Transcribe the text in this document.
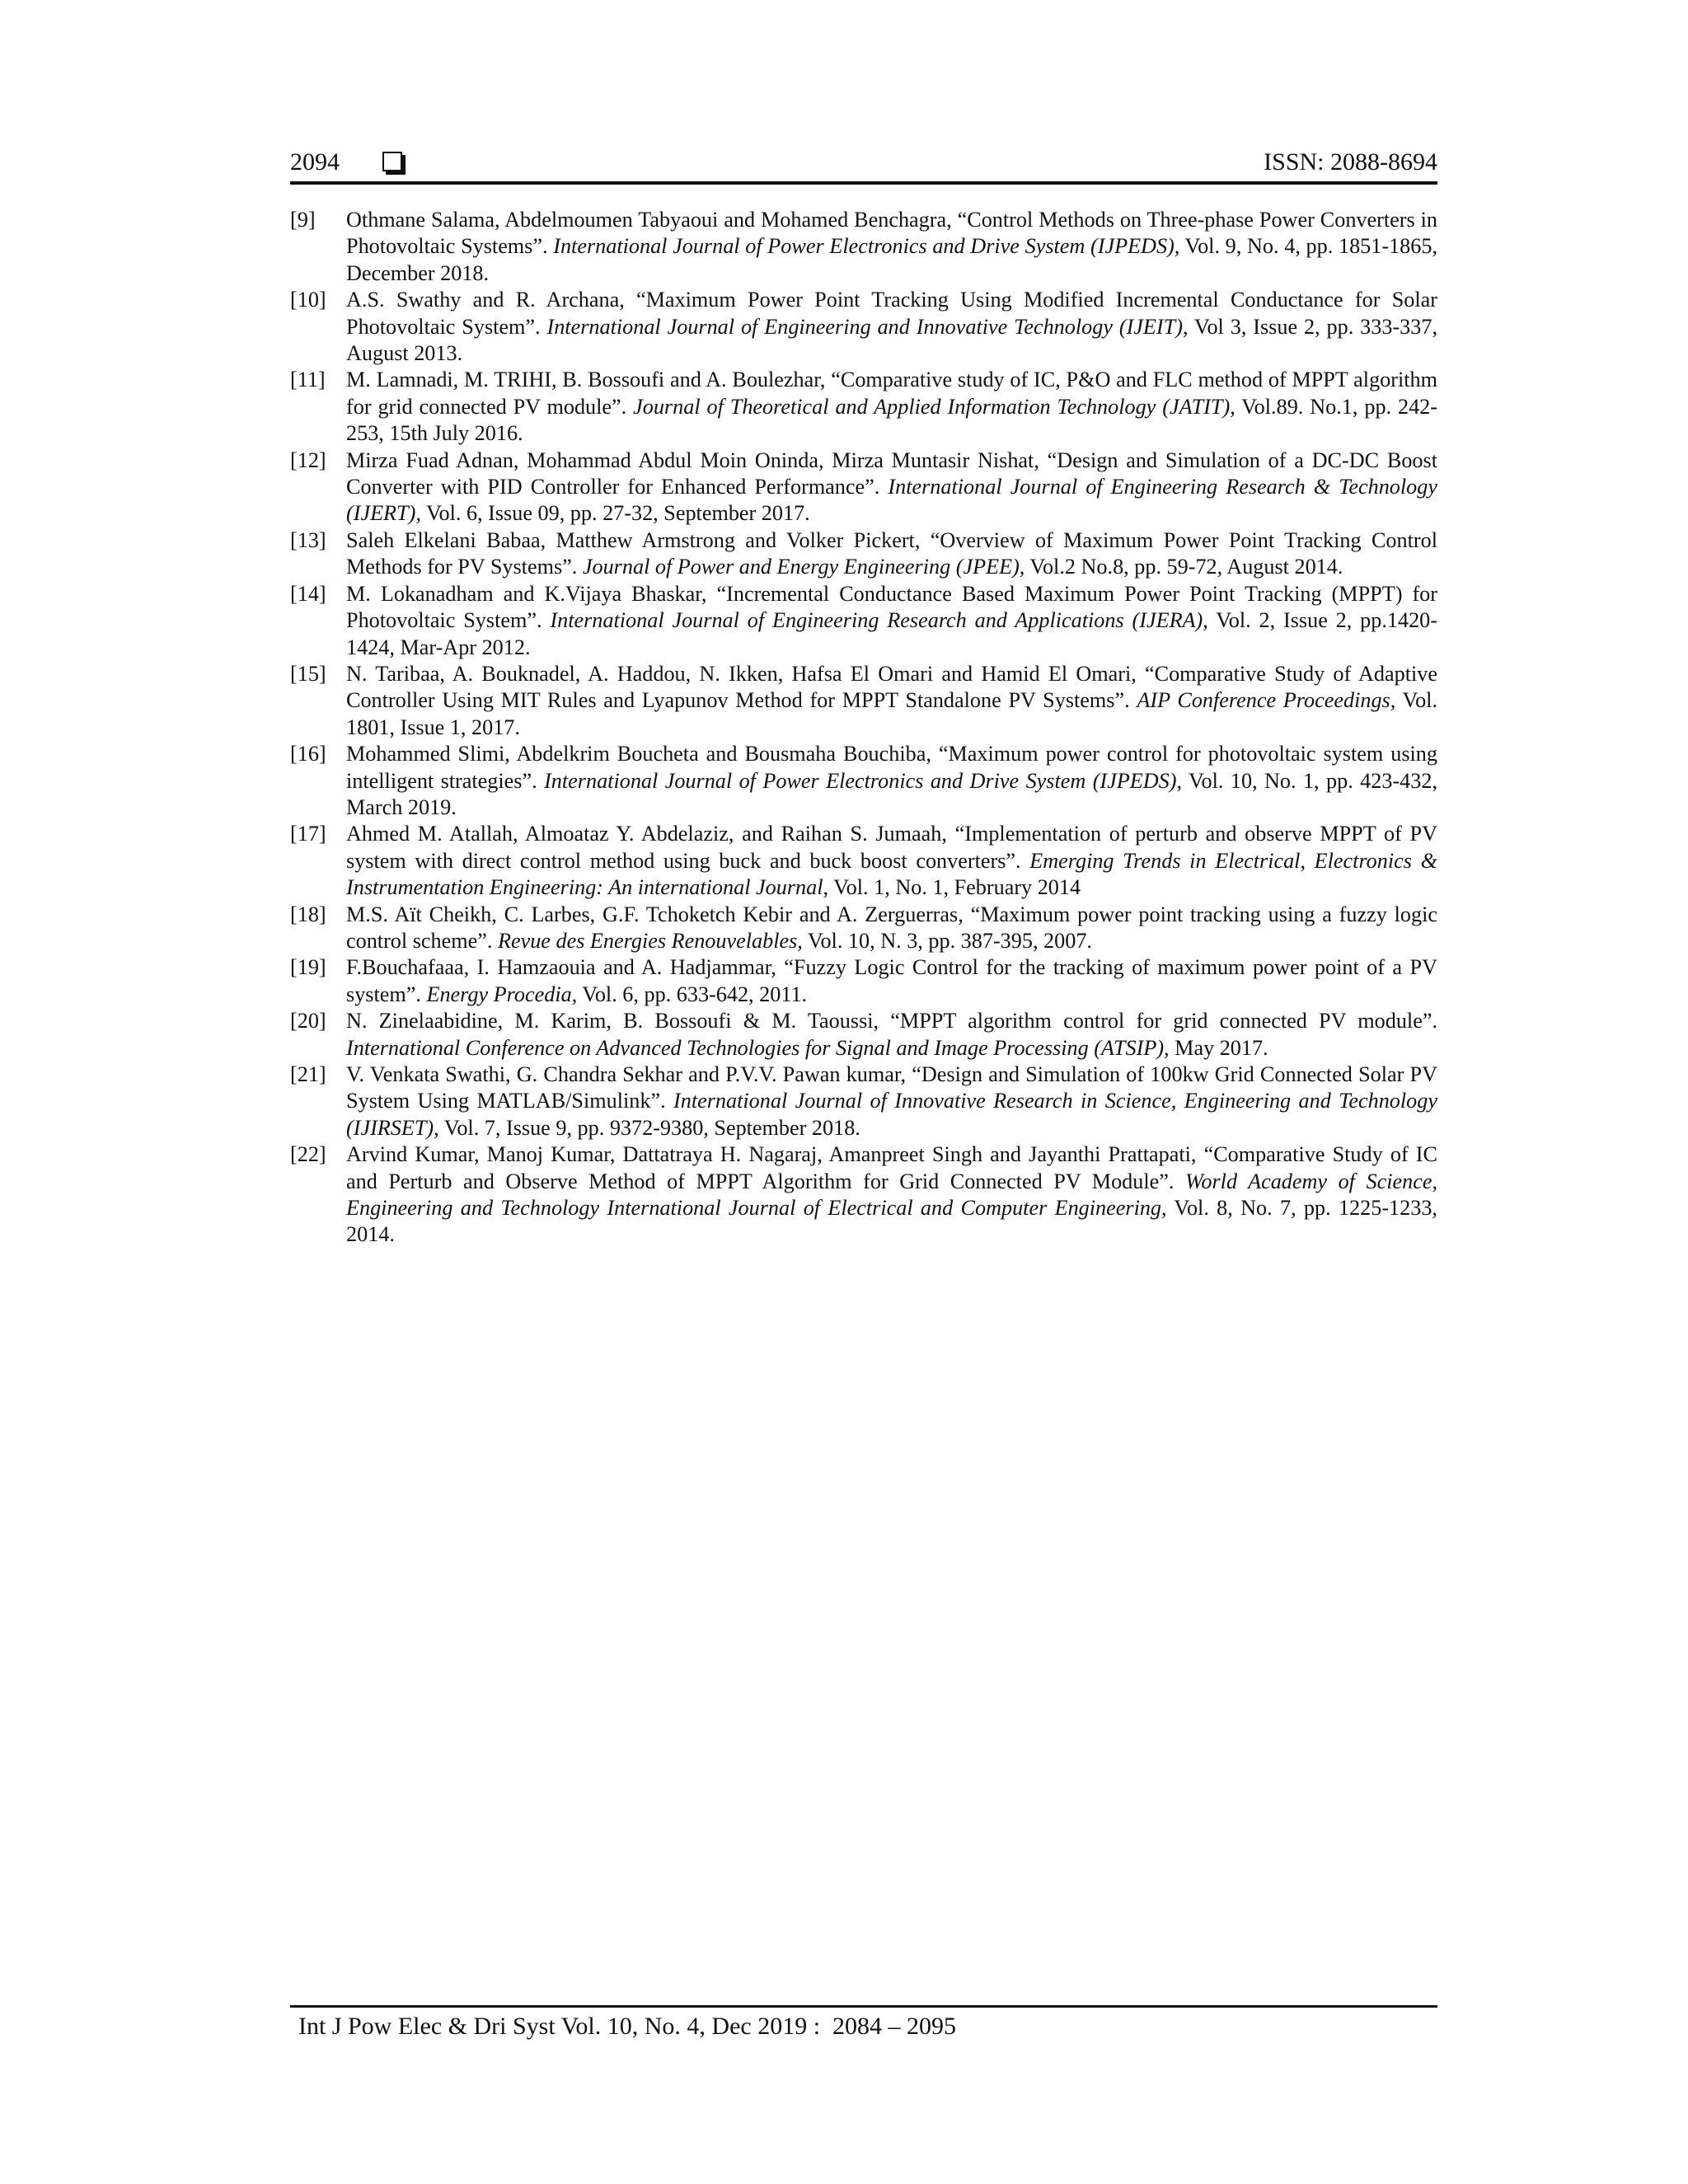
2094	ISSN: 2088-8694
[9] Othmane Salama, Abdelmoumen Tabyaoui and Mohamed Benchagra, “Control Methods on Three-phase Power Converters in Photovoltaic Systems”. International Journal of Power Electronics and Drive System (IJPEDS), Vol. 9, No. 4, pp. 1851-1865, December 2018.
[10] A.S. Swathy and R. Archana, “Maximum Power Point Tracking Using Modified Incremental Conductance for Solar Photovoltaic System”. International Journal of Engineering and Innovative Technology (IJEIT), Vol 3, Issue 2, pp. 333-337, August 2013.
[11] M. Lamnadi, M. TRIHI, B. Bossoufi and A. Boulezhar, “Comparative study of IC, P&O and FLC method of MPPT algorithm for grid connected PV module”. Journal of Theoretical and Applied Information Technology (JATIT), Vol.89. No.1, pp. 242-253, 15th July 2016.
[12] Mirza Fuad Adnan, Mohammad Abdul Moin Oninda, Mirza Muntasir Nishat, “Design and Simulation of a DC-DC Boost Converter with PID Controller for Enhanced Performance”. International Journal of Engineering Research & Technology (IJERT), Vol. 6, Issue 09, pp. 27-32, September 2017.
[13] Saleh Elkelani Babaa, Matthew Armstrong and Volker Pickert, “Overview of Maximum Power Point Tracking Control Methods for PV Systems”. Journal of Power and Energy Engineering (JPEE), Vol.2 No.8, pp. 59-72, August 2014.
[14] M. Lokanadham and K.Vijaya Bhaskar, “Incremental Conductance Based Maximum Power Point Tracking (MPPT) for Photovoltaic System”. International Journal of Engineering Research and Applications (IJERA), Vol. 2, Issue 2, pp.1420-1424, Mar-Apr 2012.
[15] N. Taribaa, A. Bouknadel, A. Haddou, N. Ikken, Hafsa El Omari and Hamid El Omari, “Comparative Study of Adaptive Controller Using MIT Rules and Lyapunov Method for MPPT Standalone PV Systems”. AIP Conference Proceedings, Vol. 1801, Issue 1, 2017.
[16] Mohammed Slimi, Abdelkrim Boucheta and Bousmaha Bouchiba, “Maximum power control for photovoltaic system using intelligent strategies”. International Journal of Power Electronics and Drive System (IJPEDS), Vol. 10, No. 1, pp. 423-432, March 2019.
[17] Ahmed M. Atallah, Almoataz Y. Abdelaziz, and Raihan S. Jumaah, “Implementation of perturb and observe MPPT of PV system with direct control method using buck and buck boost converters”. Emerging Trends in Electrical, Electronics & Instrumentation Engineering: An international Journal, Vol. 1, No. 1, February 2014
[18] M.S. Aït Cheikh, C. Larbes, G.F. Tchoketch Kebir and A. Zerguerras, “Maximum power point tracking using a fuzzy logic control scheme”. Revue des Energies Renouvelables, Vol. 10, N. 3, pp. 387-395, 2007.
[19] F.Bouchafaaa, I. Hamzaouia and A. Hadjammar, “Fuzzy Logic Control for the tracking of maximum power point of a PV system”. Energy Procedia, Vol. 6, pp. 633-642, 2011.
[20] N. Zinelaabidine, M. Karim, B. Bossoufi & M. Taoussi, “MPPT algorithm control for grid connected PV module”. International Conference on Advanced Technologies for Signal and Image Processing (ATSIP), May 2017.
[21] V. Venkata Swathi, G. Chandra Sekhar and P.V.V. Pawan kumar, “Design and Simulation of 100kw Grid Connected Solar PV System Using MATLAB/Simulink”. International Journal of Innovative Research in Science, Engineering and Technology (IJIRSET), Vol. 7, Issue 9, pp. 9372-9380, September 2018.
[22] Arvind Kumar, Manoj Kumar, Dattatraya H. Nagaraj, Amanpreet Singh and Jayanthi Prattapati, “Comparative Study of IC and Perturb and Observe Method of MPPT Algorithm for Grid Connected PV Module”. World Academy of Science, Engineering and Technology International Journal of Electrical and Computer Engineering, Vol. 8, No. 7, pp. 1225-1233, 2014.
Int J Pow Elec & Dri Syst Vol. 10, No. 4, Dec 2019 :  2084 – 2095
